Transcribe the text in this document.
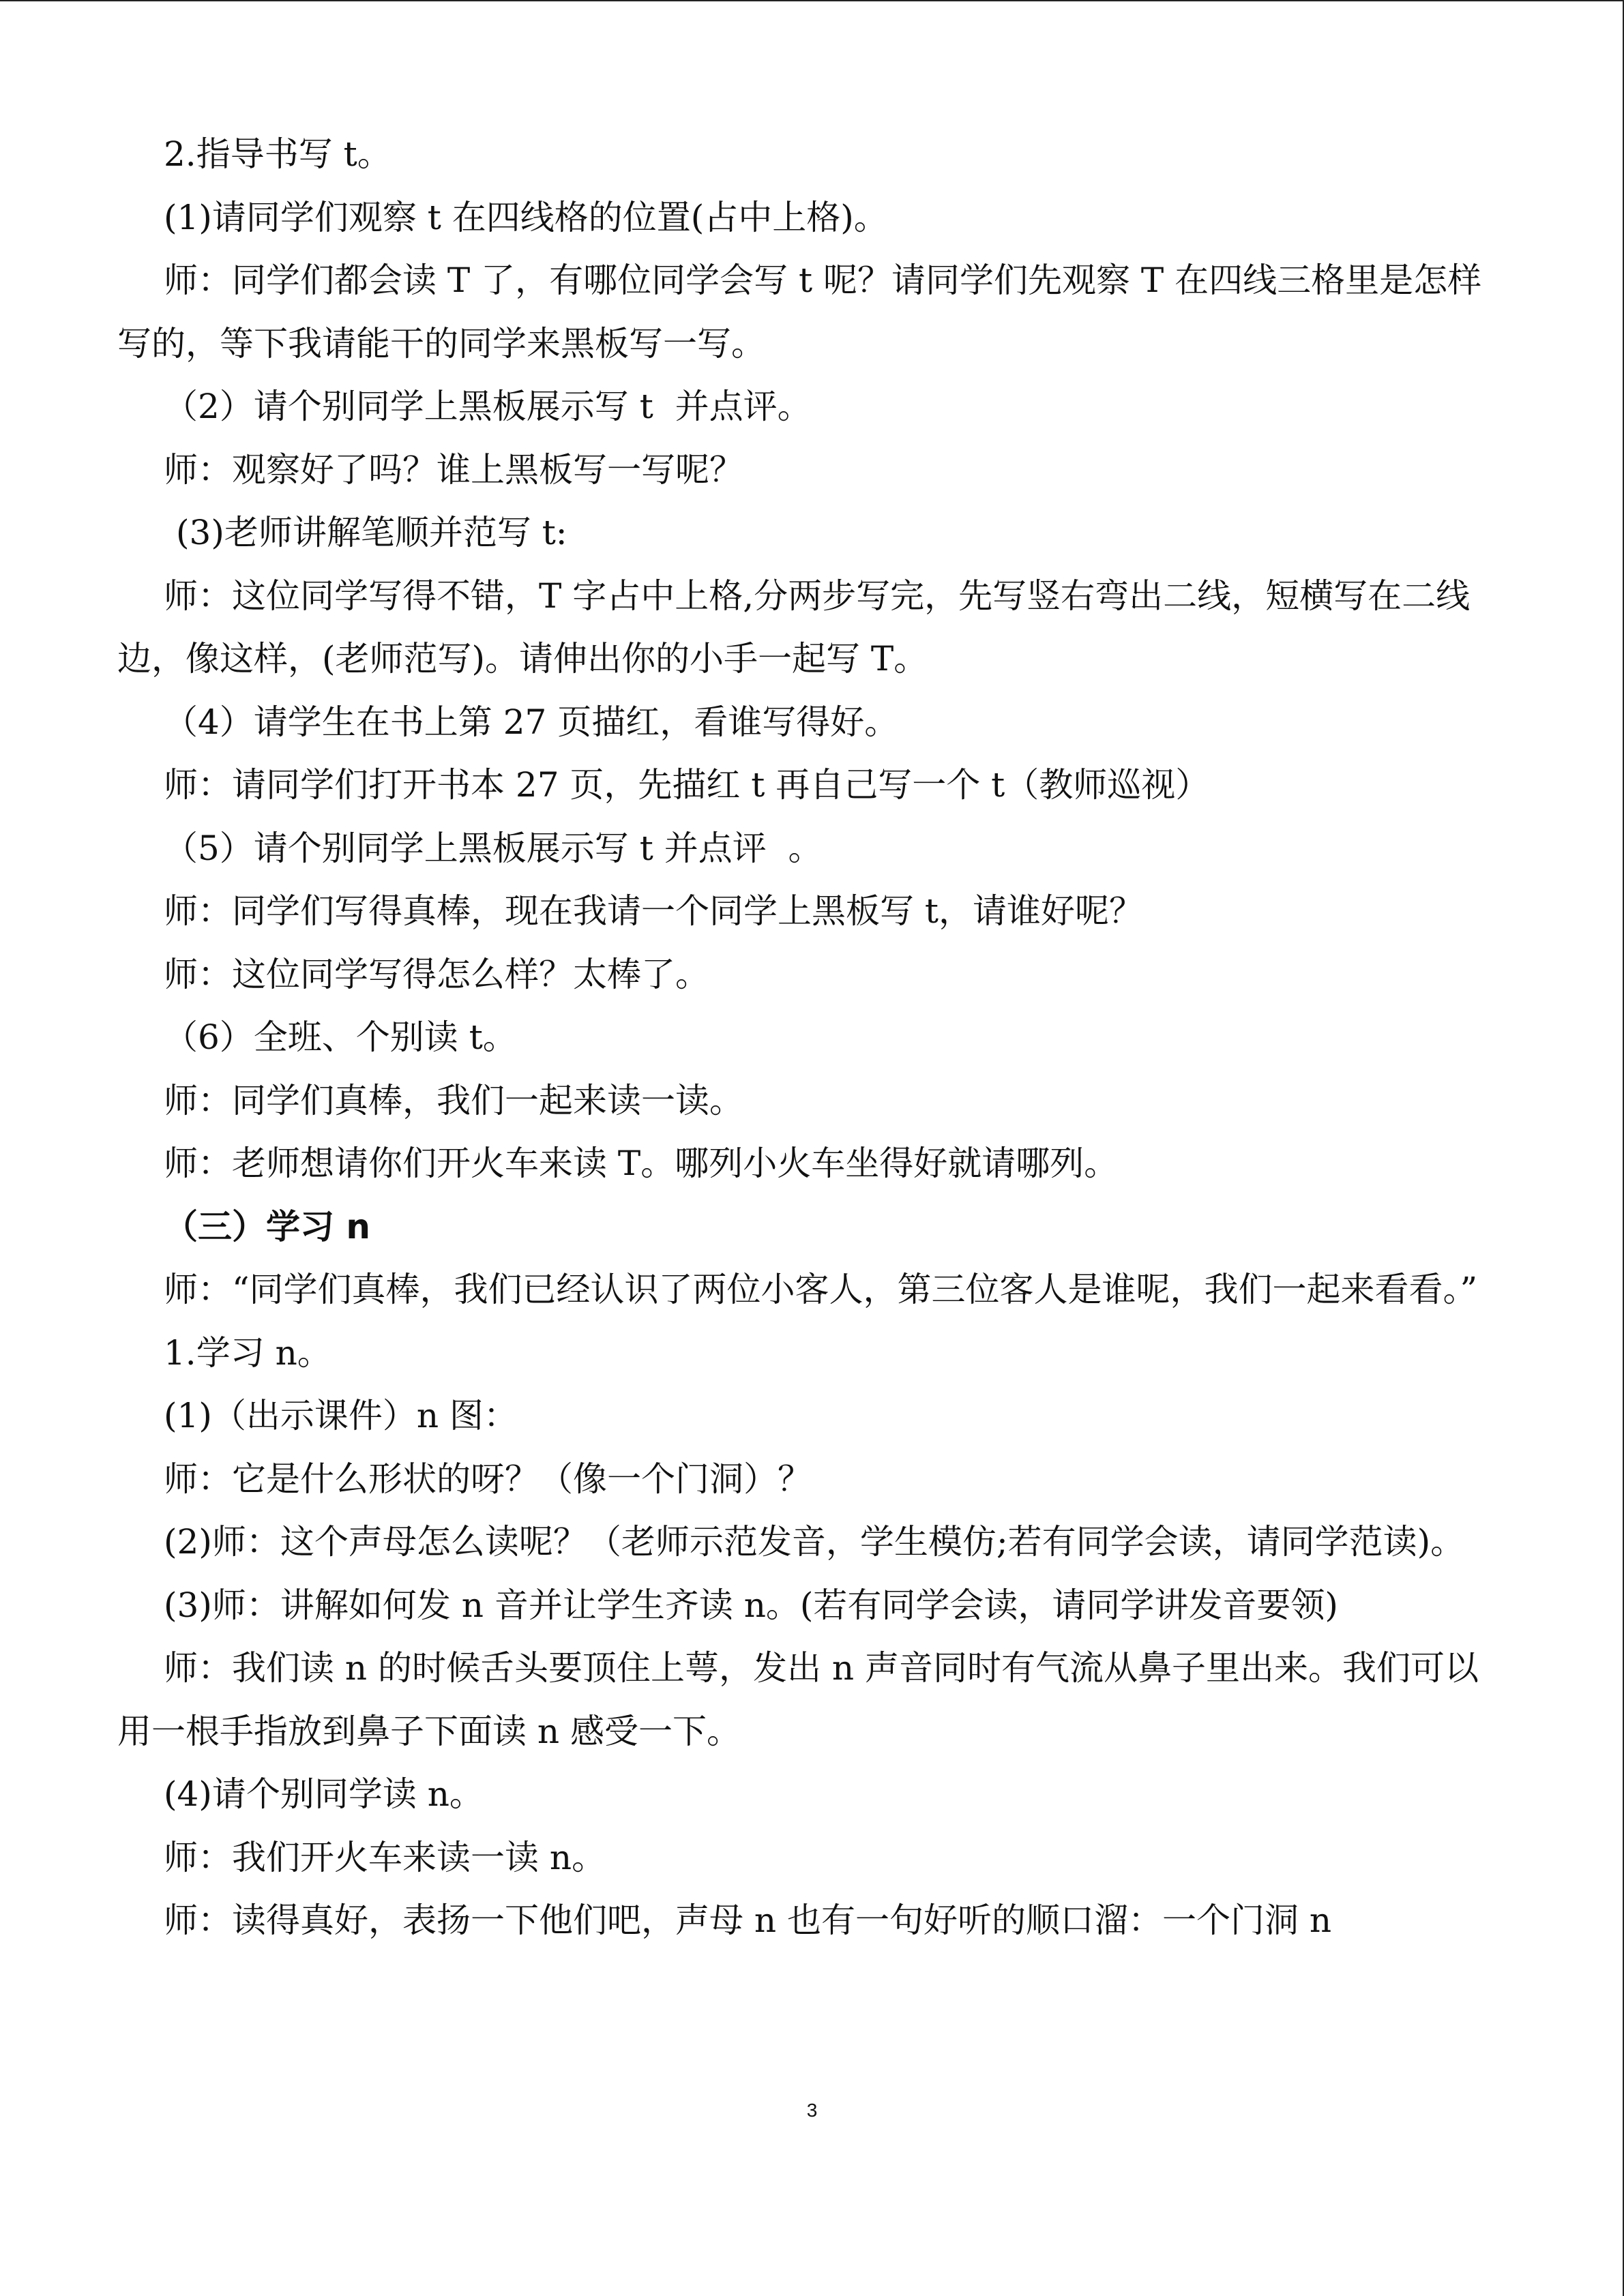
2.指导书写 t。

(1)请同学们观察 t 在四线格的位置(占中上格)。

师：同学们都会读 T 了，有哪位同学会写 t 呢？请同学们先观察 T 在四线三格里是怎样写的，等下我请能干的同学来黑板写一写。

（2）请个别同学上黑板展示写 t  并点评。

师：观察好了吗？谁上黑板写一写呢？

(3)老师讲解笔顺并范写 t:

师：这位同学写得不错，T 字占中上格,分两步写完，先写竖右弯出二线，短横写在二线边，像这样，(老师范写)。请伸出你的小手一起写 T。

（4）请学生在书上第 27 页描红，看谁写得好。

师：请同学们打开书本 27 页，先描红 t 再自己写一个 t（教师巡视）

（5）请个别同学上黑板展示写 t 并点评  。

师：同学们写得真棒，现在我请一个同学上黑板写 t，请谁好呢？

师：这位同学写得怎么样？太棒了。

（6）全班、个别读 t。

师：同学们真棒，我们一起来读一读。

师：老师想请你们开火车来读 T。哪列小火车坐得好就请哪列。

（三）学习 n

师：“同学们真棒，我们已经认识了两位小客人，第三位客人是谁呢，我们一起来看看。”

1.学习 n。

(1)（出示课件）n 图：

师：它是什么形状的呀？（像一个门洞）？

(2)师：这个声母怎么读呢？（老师示范发音，学生模仿;若有同学会读，请同学范读)。

(3)师：讲解如何发 n 音并让学生齐读 n。(若有同学会读，请同学讲发音要领)

师：我们读 n 的时候舌头要顶住上萼，发出 n 声音同时有气流从鼻子里出来。我们可以用一根手指放到鼻子下面读 n 感受一下。

(4)请个别同学读 n。

师：我们开火车来读一读 n。

师：读得真好，表扬一下他们吧，声母 n 也有一句好听的顺口溜：一个门洞 n

3
